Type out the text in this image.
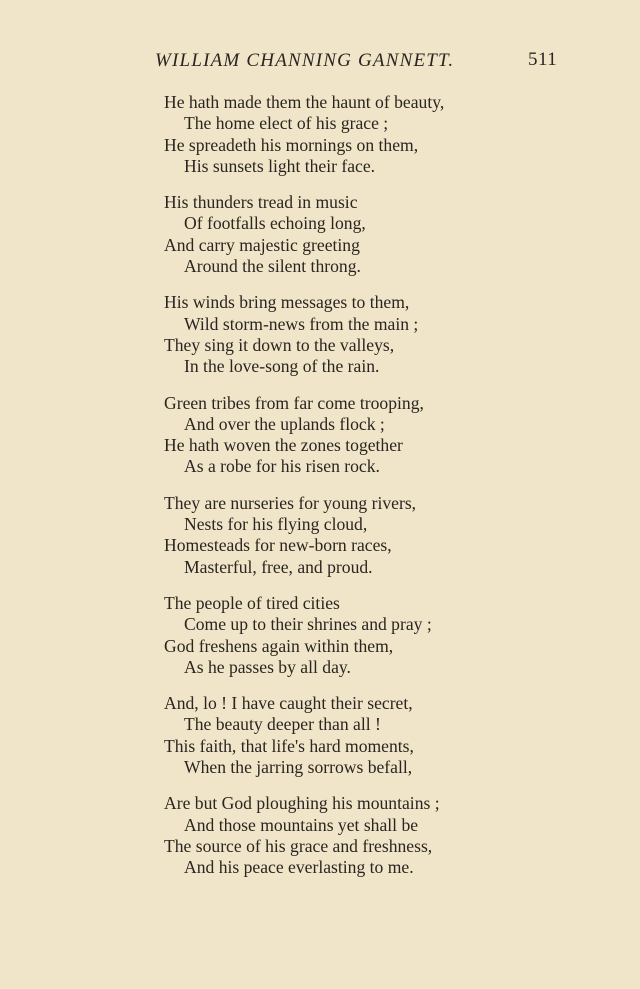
WILLIAM CHANNING GANNETT.	511
He hath made them the haunt of beauty,
The home elect of his grace ;
He spreadeth his mornings on them,
His sunsets light their face.
His thunders tread in music
Of footfalls echoing long,
And carry majestic greeting
Around the silent throng.
His winds bring messages to them,
Wild storm-news from the main ;
They sing it down to the valleys,
In the love-song of the rain.
Green tribes from far come trooping,
And over the uplands flock ;
He hath woven the zones together
As a robe for his risen rock.
They are nurseries for young rivers,
Nests for his flying cloud,
Homesteads for new-born races,
Masterful, free, and proud.
The people of tired cities
Come up to their shrines and pray ;
God freshens again within them,
As he passes by all day.
And, lo ! I have caught their secret,
The beauty deeper than all !
This faith, that life's hard moments,
When the jarring sorrows befall,
Are but God ploughing his mountains ;
And those mountains yet shall be
The source of his grace and freshness,
And his peace everlasting to me.
